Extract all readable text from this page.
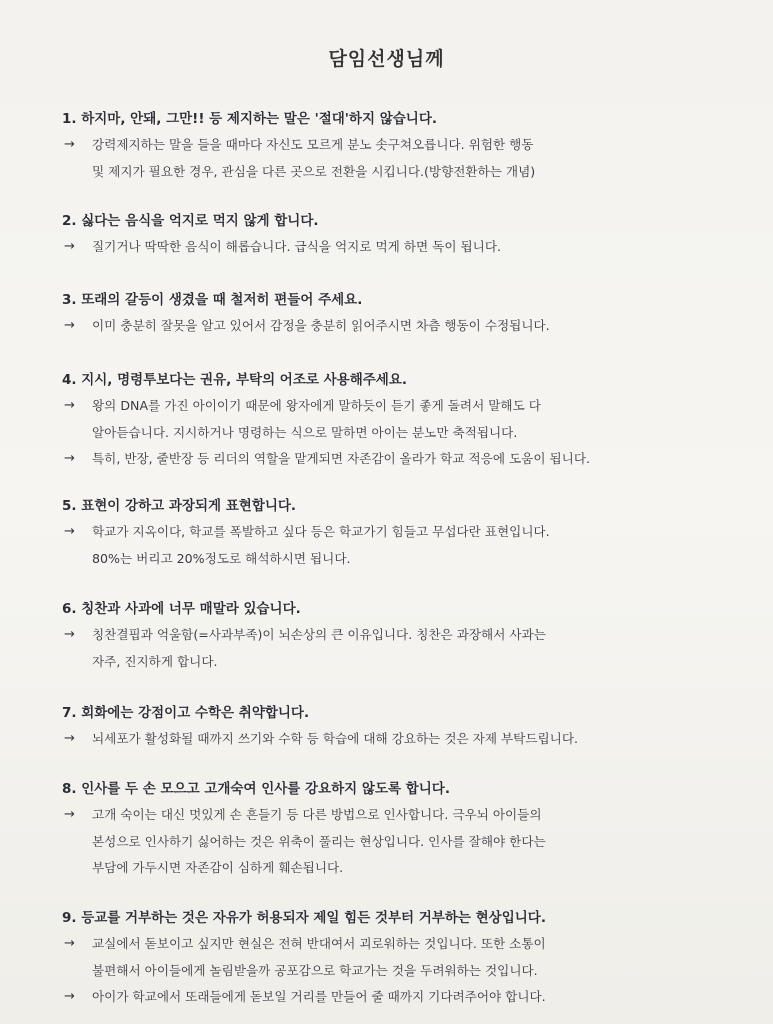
담임선생님께
1. 하지마, 안돼, 그만!! 등 제지하는 말은 '절대'하지 않습니다.
→ 강력제지하는 말을 들을 때마다 자신도 모르게 분노 솟구쳐오릅니다. 위험한 행동
및 제지가 필요한 경우, 관심을 다른 곳으로 전환을 시킵니다.(방향전환하는 개념)
2. 싫다는 음식을 억지로 먹지 않게 합니다.
→ 질기거나 딱딱한 음식이 해롭습니다. 급식을 억지로 먹게 하면 독이 됩니다.
3. 또래의 갈등이 생겼을 때 철저히 편들어 주세요.
→ 이미 충분히 잘못을 알고 있어서 감정을 충분히 읽어주시면 차츰 행동이 수정됩니다.
4. 지시, 명령투보다는 권유, 부탁의 어조로 사용해주세요.
→ 왕의 DNA를 가진 아이이기 때문에 왕자에게 말하듯이 듣기 좋게 돌려서 말해도 다
알아듣습니다. 지시하거나 명령하는 식으로 말하면 아이는 분노만 축적됩니다.
→ 특히, 반장, 줄반장 등 리더의 역할을 맡게되면 자존감이 올라가 학교 적응에 도움이 됩니다.
5. 표현이 강하고 과장되게 표현합니다.
→ 학교가 지옥이다, 학교를 폭발하고 싶다 등은 학교가기 힘들고 무섭다란 표현입니다.
80%는 버리고 20%정도로 해석하시면 됩니다.
6. 칭찬과 사과에 너무 매말라 있습니다.
→ 칭찬결핍과 억울함(=사과부족)이 뇌손상의 큰 이유입니다. 칭찬은 과장해서 사과는
자주, 진지하게 합니다.
7. 회화에는 강점이고 수학은 취약합니다.
→ 뇌세포가 활성화될 때까지 쓰기와 수학 등 학습에 대해 강요하는 것은 자제 부탁드립니다.
8. 인사를 두 손 모으고 고개숙여 인사를 강요하지 않도록 합니다.
→ 고개 숙이는 대신 멋있게 손 흔들기 등 다른 방법으로 인사합니다. 극우뇌 아이들의
본성으로 인사하기 싫어하는 것은 위축이 풀리는 현상입니다. 인사를 잘해야 한다는
부담에 가두시면 자존감이 심하게 훼손됩니다.
9. 등교를 거부하는 것은 자유가 허용되자 제일 힘든 것부터 거부하는 현상입니다.
→ 교실에서 돋보이고 싶지만 현실은 전혀 반대여서 괴로워하는 것입니다. 또한 소통이
불편해서 아이들에게 놀림받을까 공포감으로 학교가는 것을 두려워하는 것입니다.
→ 아이가 학교에서 또래들에게 돋보일 거리를 만들어 줄 때까지 기다려주어야 합니다.
